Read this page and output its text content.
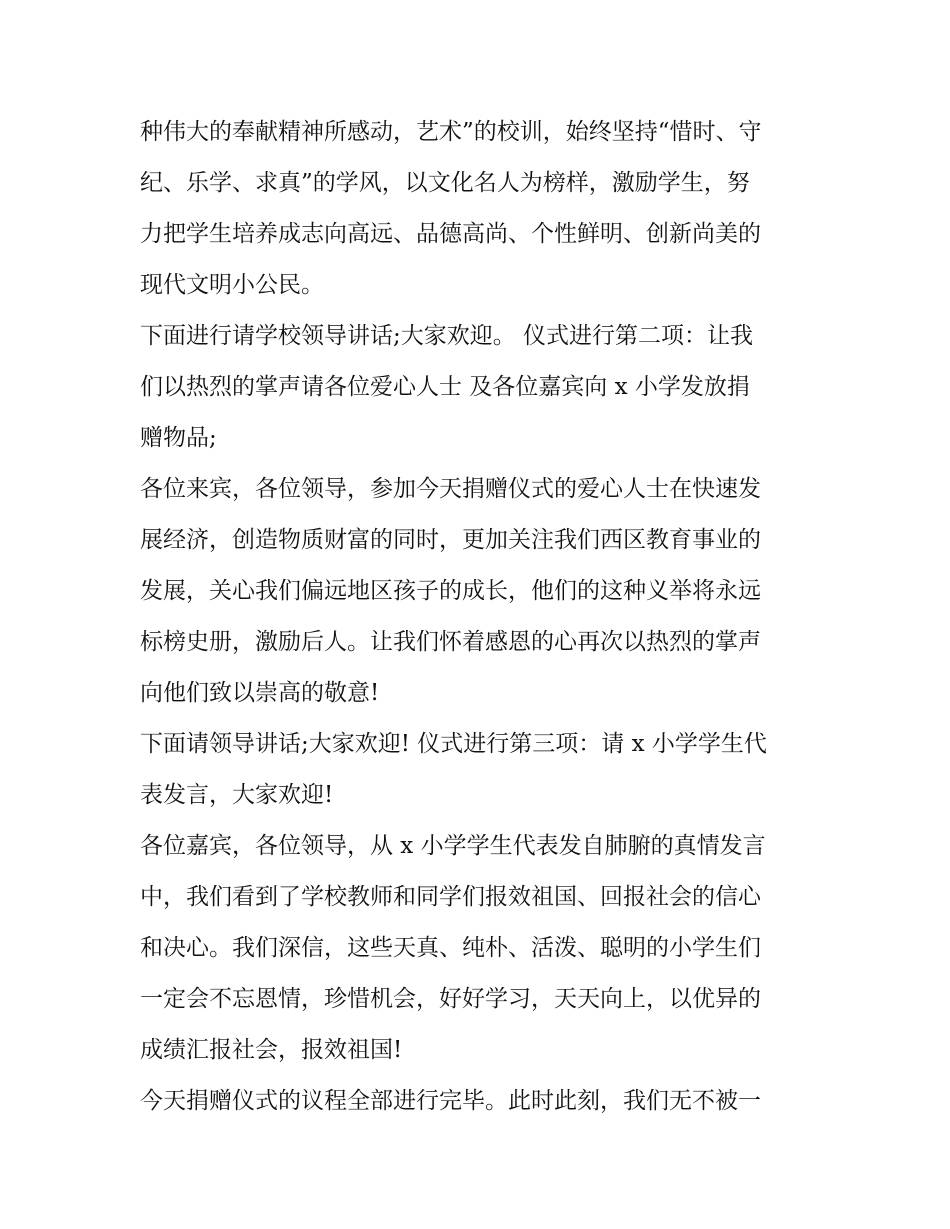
种伟大的奉献精神所感动，艺术”的校训，始终坚持“惜时、守
纪、乐学、求真”的学风，以文化名人为榜样，激励学生，努
力把学生培养成志向高远、品德高尚、个性鲜明、创新尚美的
现代文明小公民。
下面进行请学校领导讲话;大家欢迎。 仪式进行第二项：让我
们以热烈的掌声请各位爱心人士 及各位嘉宾向 x 小学发放捐
赠物品;
各位来宾，各位领导，参加今天捐赠仪式的爱心人士在快速发
展经济，创造物质财富的同时，更加关注我们西区教育事业的
发展，关心我们偏远地区孩子的成长，他们的这种义举将永远
标榜史册，激励后人。让我们怀着感恩的心再次以热烈的掌声
向他们致以崇高的敬意!
下面请领导讲话;大家欢迎! 仪式进行第三项：请 x 小学学生代
表发言，大家欢迎!
各位嘉宾，各位领导，从 x 小学学生代表发自肺腑的真情发言
中，我们看到了学校教师和同学们报效祖国、回报社会的信心
和决心。我们深信，这些天真、纯朴、活泼、聪明的小学生们
一定会不忘恩情，珍惜机会，好好学习，天天向上，以优异的
成绩汇报社会，报效祖国!
今天捐赠仪式的议程全部进行完毕。此时此刻，我们无不被一
